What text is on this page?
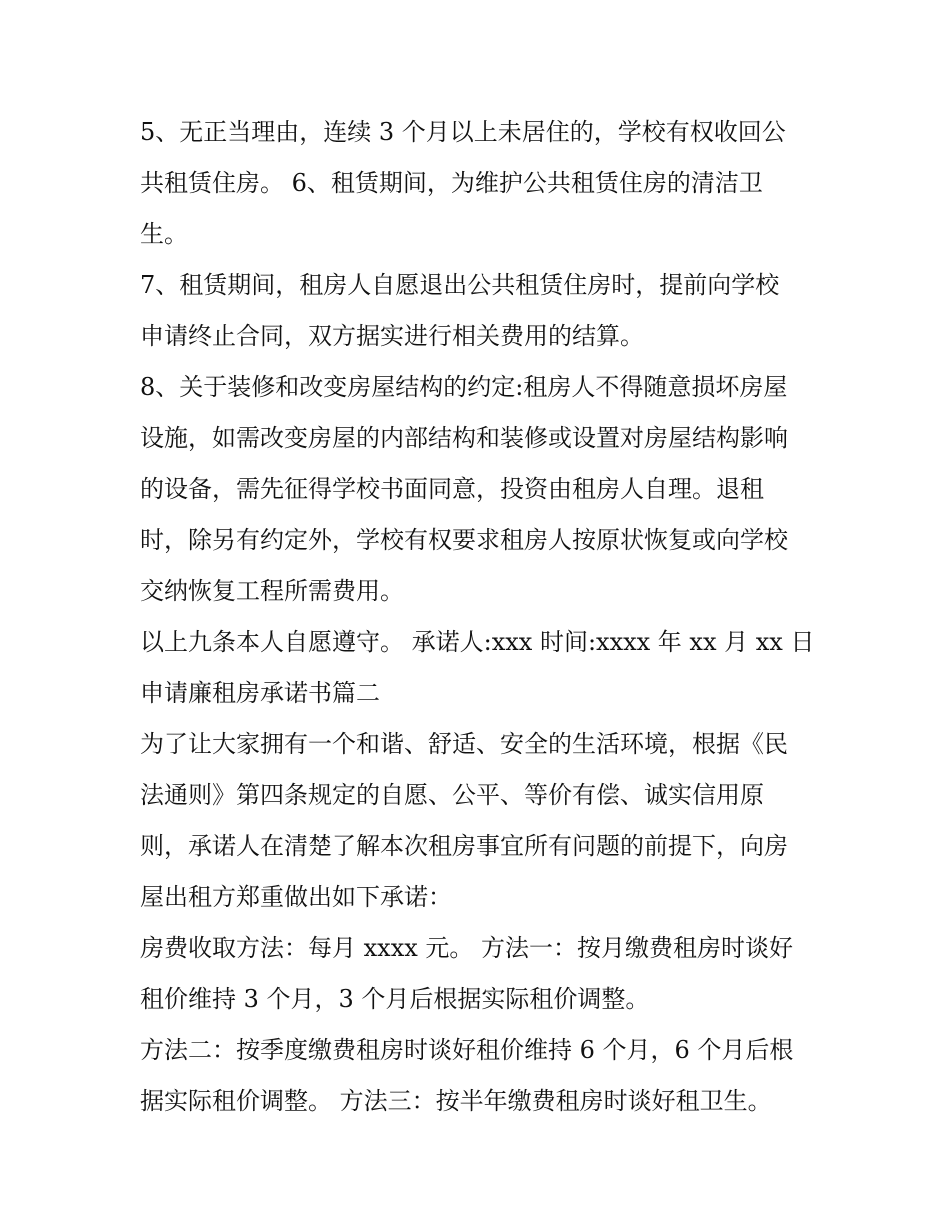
5、无正当理由，连续 3 个月以上未居住的，学校有权收回公
共租赁住房。 6、租赁期间，为维护公共租赁住房的清洁卫
生。
7、租赁期间，租房人自愿退出公共租赁住房时，提前向学校
申请终止合同，双方据实进行相关费用的结算。
8、关于装修和改变房屋结构的约定:租房人不得随意损坏房屋
设施，如需改变房屋的内部结构和装修或设置对房屋结构影响
的设备，需先征得学校书面同意，投资由租房人自理。退租
时，除另有约定外，学校有权要求租房人按原状恢复或向学校
交纳恢复工程所需费用。
以上九条本人自愿遵守。 承诺人:xxx 时间:xxxx 年 xx 月 xx 日
申请廉租房承诺书篇二
为了让大家拥有一个和谐、舒适、安全的生活环境，根据《民
法通则》第四条规定的自愿、公平、等价有偿、诚实信用原
则，承诺人在清楚了解本次租房事宜所有问题的前提下，向房
屋出租方郑重做出如下承诺：
房费收取方法：每月 xxxx 元。 方法一：按月缴费租房时谈好
租价维持 3 个月，3 个月后根据实际租价调整。
方法二：按季度缴费租房时谈好租价维持 6 个月，6 个月后根
据实际租价调整。 方法三：按半年缴费租房时谈好租卫生。
